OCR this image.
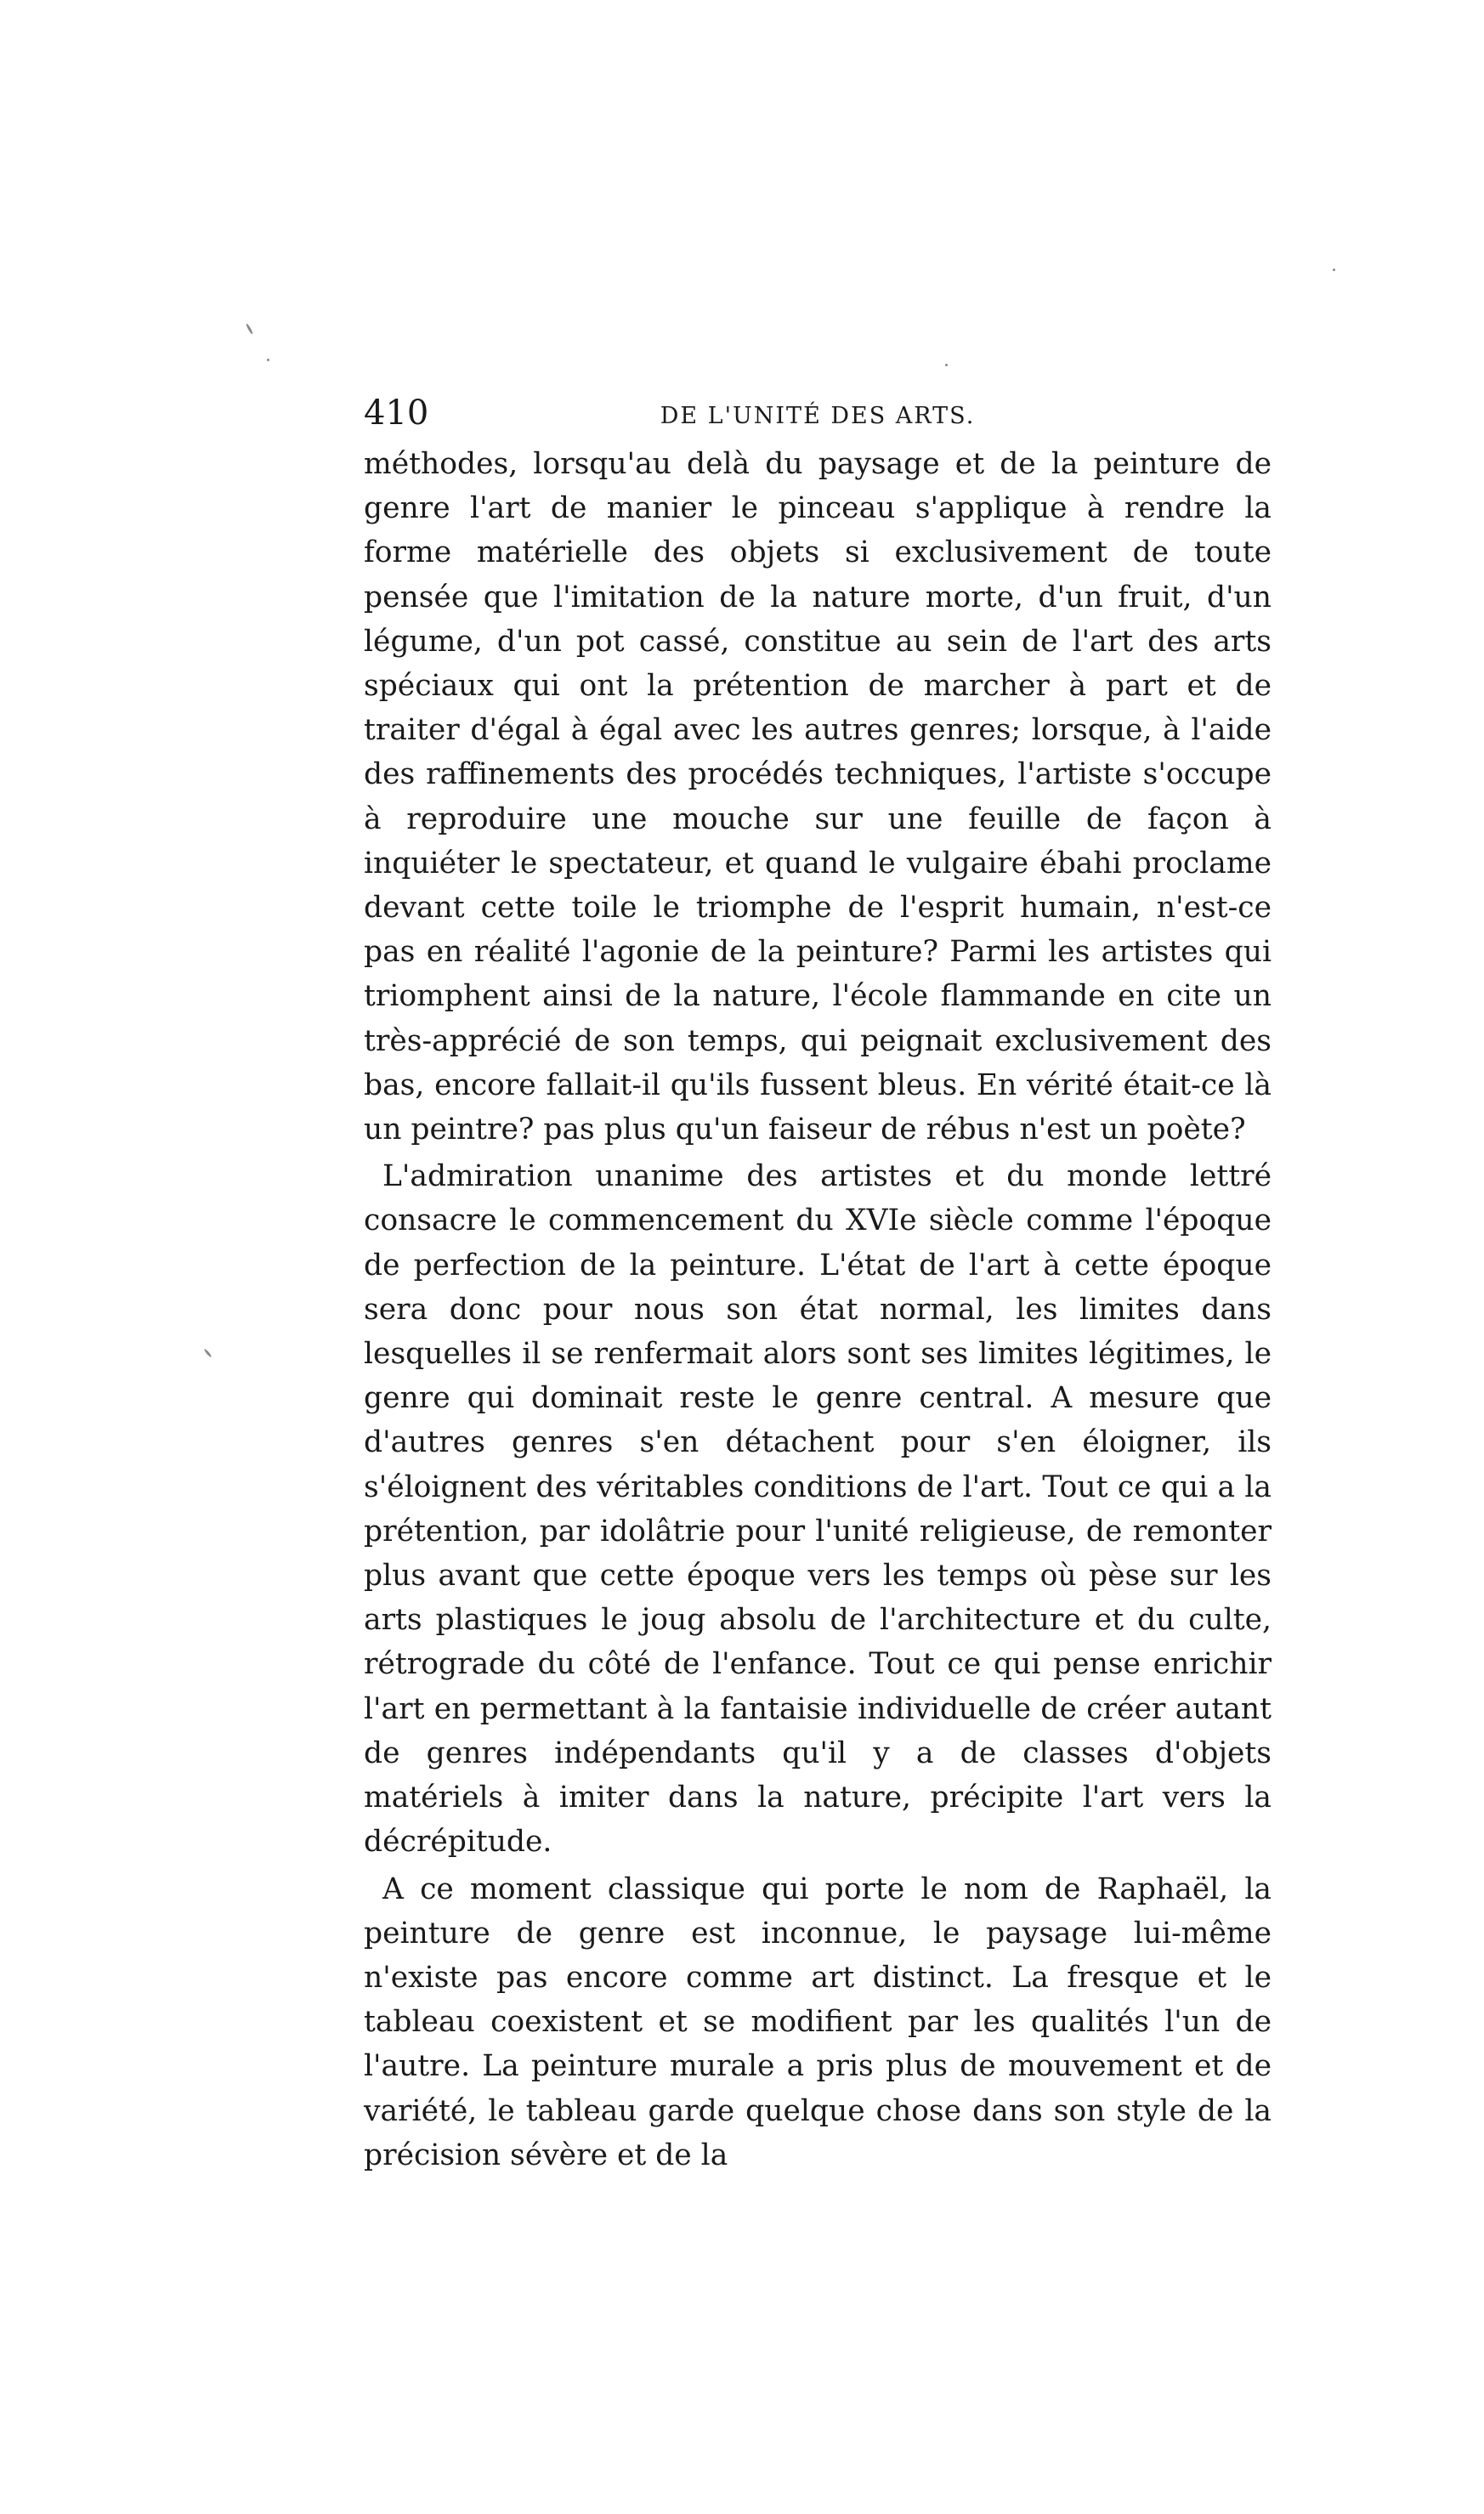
410	DE L'UNITÉ DES ARTS.

méthodes, lorsqu'au delà du paysage et de la peinture de genre l'art de manier le pinceau s'applique à rendre la forme matérielle des objets si exclusivement de toute pensée que l'imitation de la nature morte, d'un fruit, d'un légume, d'un pot cassé, constitue au sein de l'art des arts spéciaux qui ont la prétention de marcher à part et de traiter d'égal à égal avec les autres genres; lorsque, à l'aide des raffinements des procédés techniques, l'artiste s'occupe à reproduire une mouche sur une feuille de façon à inquiéter le spectateur, et quand le vulgaire ébahi proclame devant cette toile le triomphe de l'esprit humain, n'est-ce pas en réalité l'agonie de la peinture? Parmi les artistes qui triomphent ainsi de la nature, l'école flammande en cite un très-apprécié de son temps, qui peignait exclusivement des bas, encore fallait-il qu'ils fussent bleus. En vérité était-ce là un peintre? pas plus qu'un faiseur de rébus n'est un poète?

L'admiration unanime des artistes et du monde lettré consacre le commencement du XVIe siècle comme l'époque de perfection de la peinture. L'état de l'art à cette époque sera donc pour nous son état normal, les limites dans lesquelles il se renfermait alors sont ses limites légitimes, le genre qui dominait reste le genre central. A mesure que d'autres genres s'en détachent pour s'en éloigner, ils s'éloignent des véritables conditions de l'art. Tout ce qui a la prétention, par idolâtrie pour l'unité religieuse, de remonter plus avant que cette époque vers les temps où pèse sur les arts plastiques le joug absolu de l'architecture et du culte, rétrograde du côté de l'enfance. Tout ce qui pense enrichir l'art en permettant à la fantaisie individuelle de créer autant de genres indépendants qu'il y a de classes d'objets matériels à imiter dans la nature, précipite l'art vers la décrépitude.

A ce moment classique qui porte le nom de Raphaël, la peinture de genre est inconnue, le paysage lui-même n'existe pas encore comme art distinct. La fresque et le tableau coexistent et se modifient par les qualités l'un de l'autre. La peinture murale a pris plus de mouvement et de variété, le tableau garde quelque chose dans son style de la précision sévère et de la
